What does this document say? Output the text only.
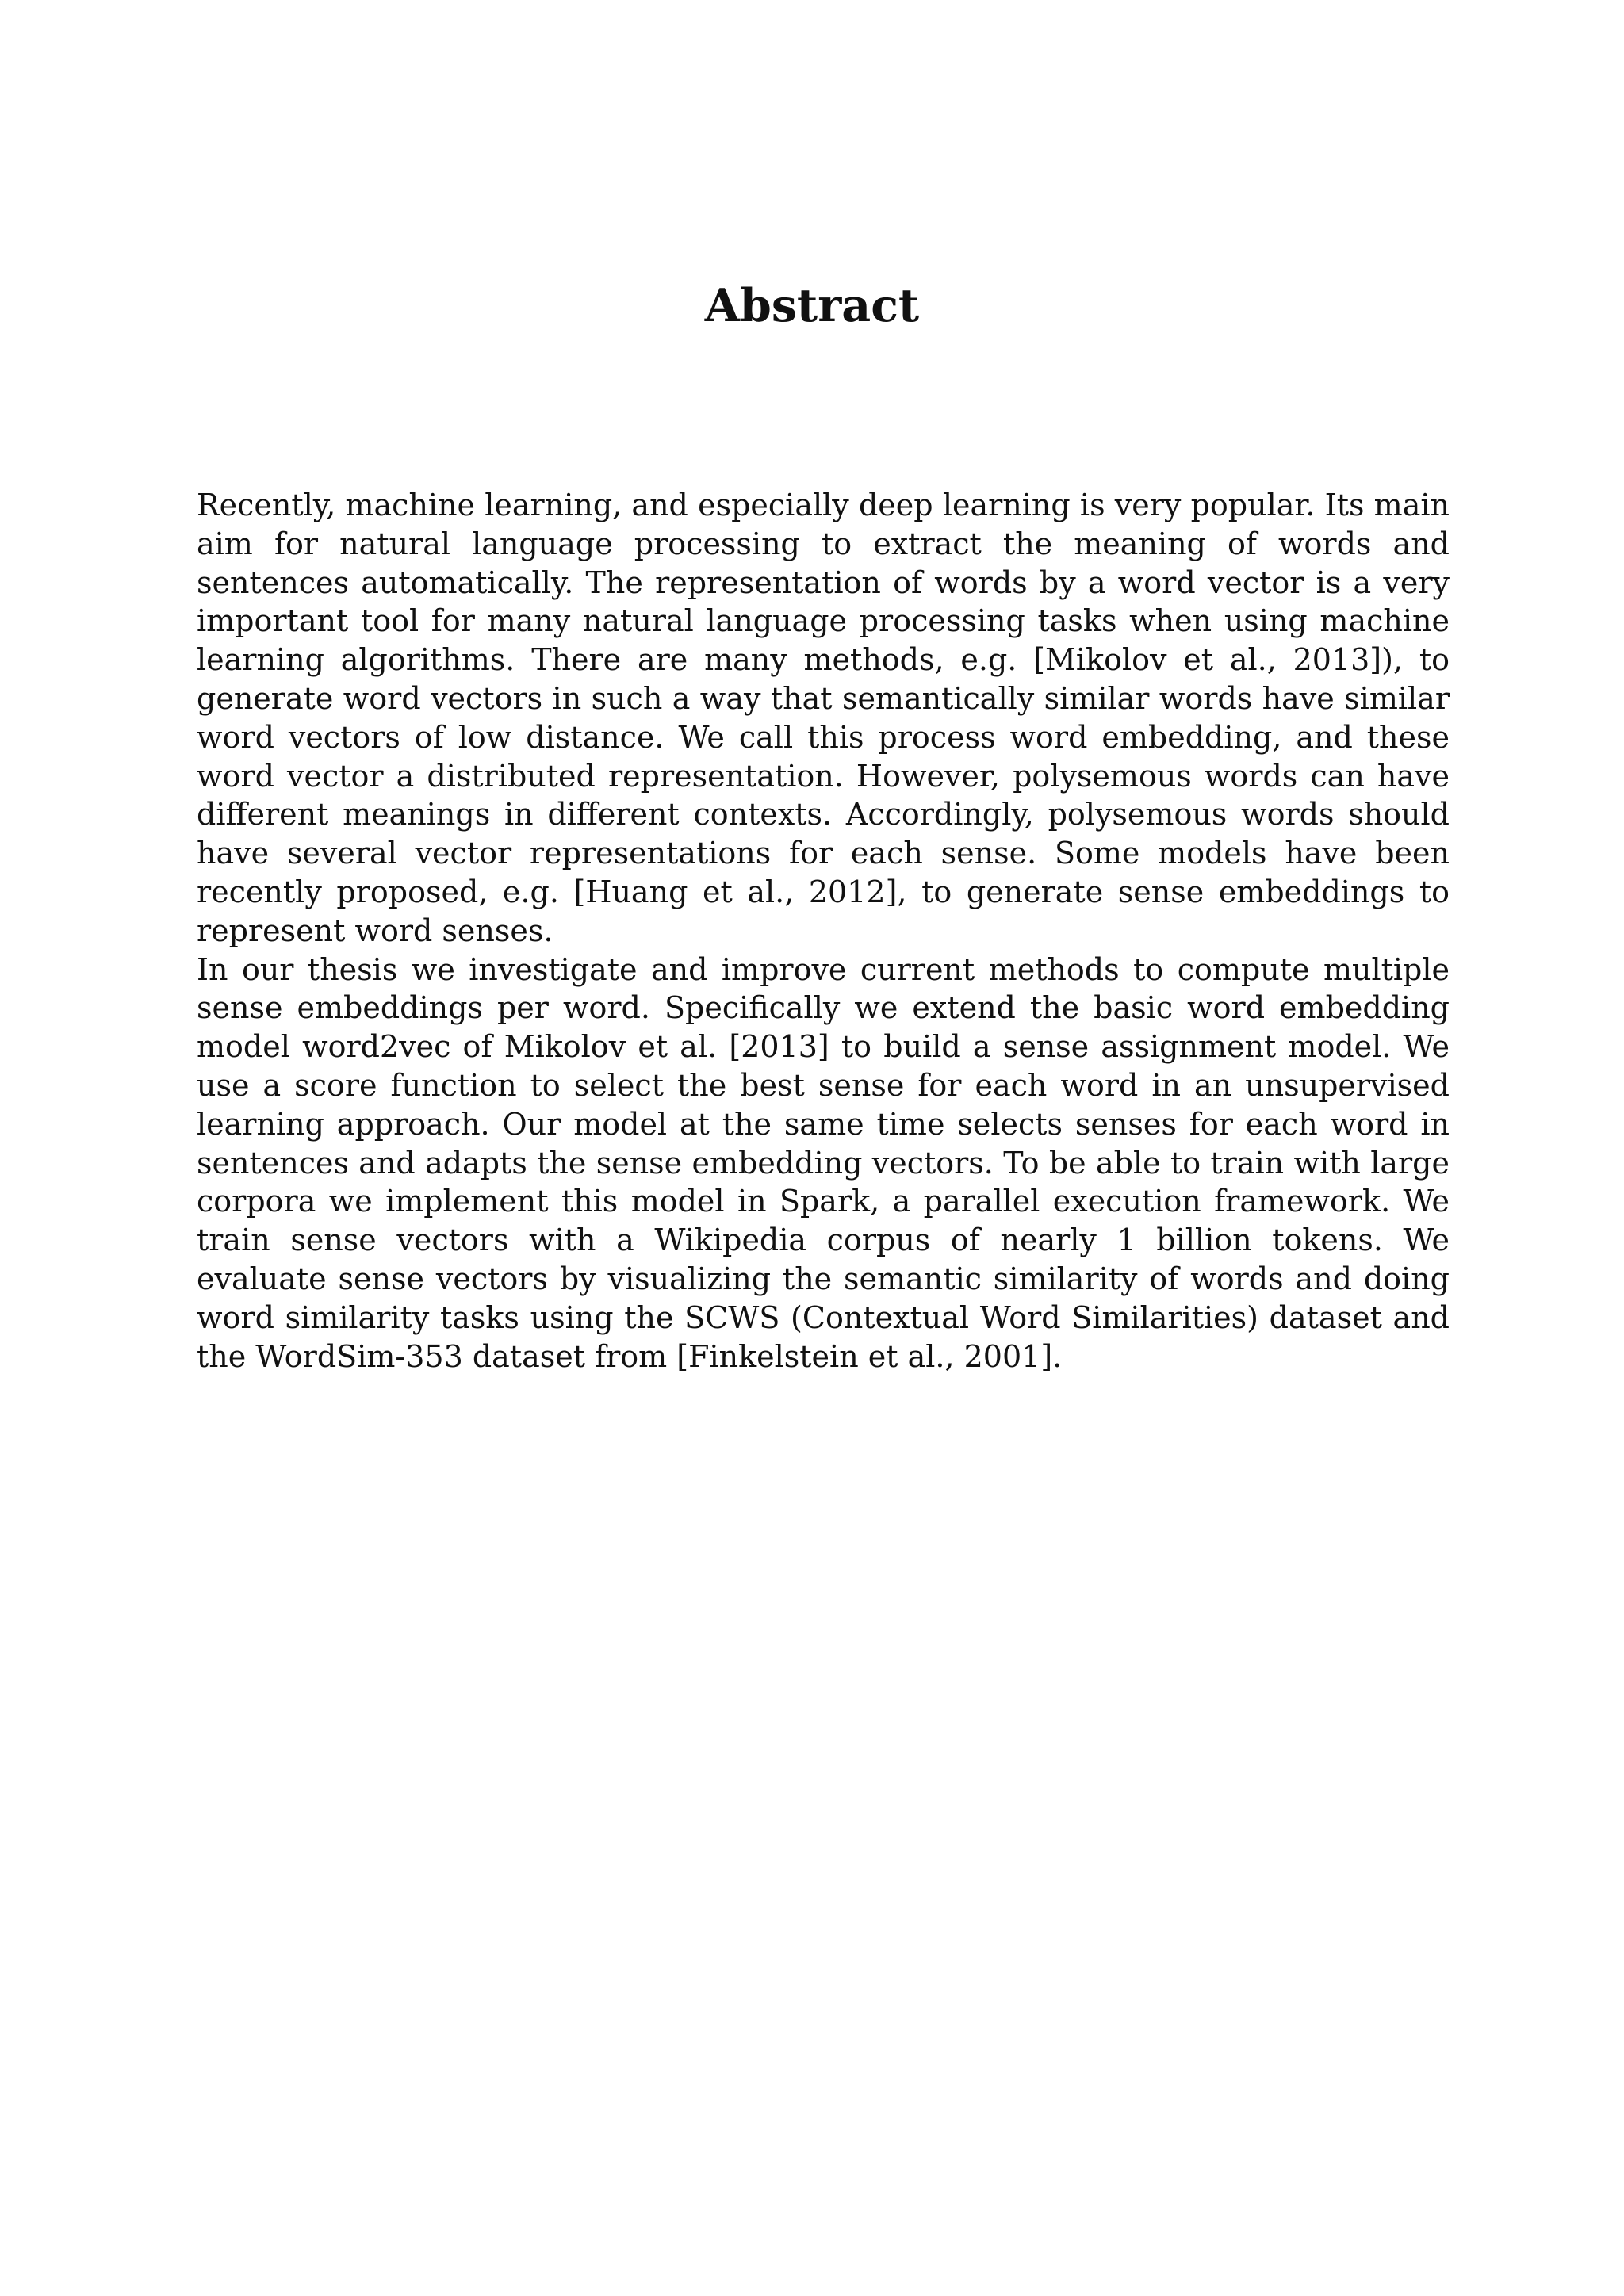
Abstract

Recently, machine learning, and especially deep learning is very popular. Its main aim for natural language processing to extract the meaning of words and sentences automatically. The representation of words by a word vector is a very important tool for many natural language processing tasks when using machine learning algorithms. There are many methods, e.g. [Mikolov et al., 2013]), to generate word vectors in such a way that semantically similar words have similar word vectors of low distance. We call this process word embedding, and these word vector a distributed representation. However, polysemous words can have different meanings in different contexts. Accordingly, polysemous words should have several vector representations for each sense. Some models have been recently proposed, e.g. [Huang et al., 2012], to generate sense embeddings to represent word senses.

In our thesis we investigate and improve current methods to compute multiple sense embeddings per word. Specifically we extend the basic word embedding model word2vec of Mikolov et al. [2013] to build a sense assignment model. We use a score function to select the best sense for each word in an unsupervised learning approach. Our model at the same time selects senses for each word in sentences and adapts the sense embedding vectors. To be able to train with large corpora we implement this model in Spark, a parallel execution framework. We train sense vectors with a Wikipedia corpus of nearly 1 billion tokens. We evaluate sense vectors by visualizing the semantic similarity of words and doing word similarity tasks using the SCWS (Contextual Word Similarities) dataset and the WordSim-353 dataset from [Finkelstein et al., 2001].
